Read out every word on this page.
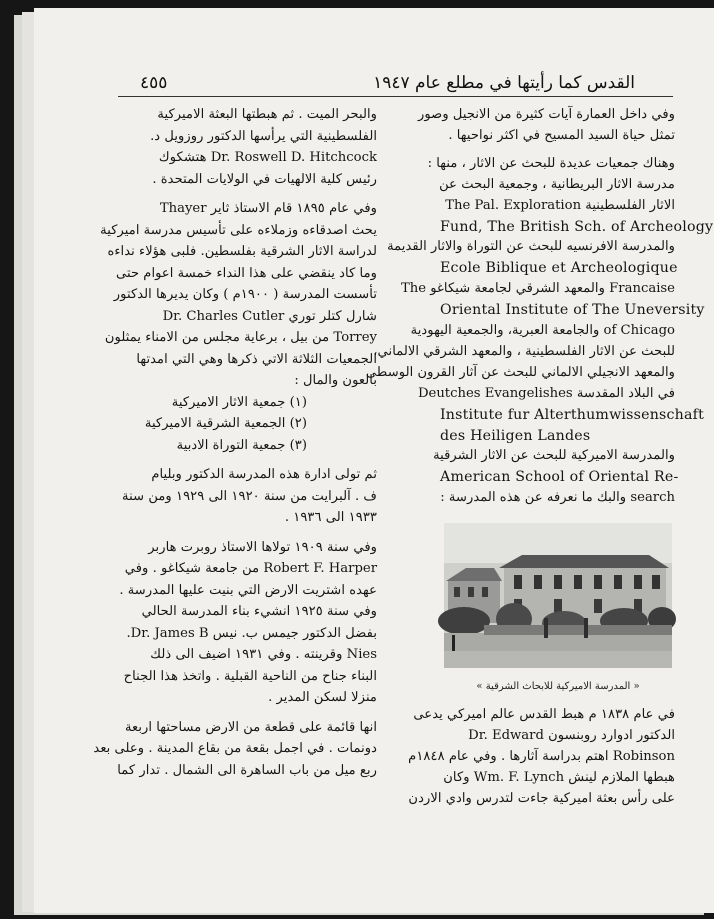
٤٥٥	القدس كما رأيتها في مطلع عام ١٩٤٧
والبحر الميت . ثم هبطتها البعثة الاميركية
الفلسطينية التي يرأسها الدكتور روزويل د.
Dr. Roswell D. Hitchcock هتشكوك
رئيس كلية الالهيات في الولايات المتحدة .
وفي عام ١٨٩٥ قام الاستاذ ثاير Thayer
يحث اصدقاءه وزملاءه على تأسيس مدرسة اميركية
لدراسة الاثار الشرقية بفلسطين. فلبى هؤلاء نداءه
وما كاد ينقضي على هذا النداء خمسة اعوام حتى
تأسست المدرسة ( ١٩٠٠م ) وكان يديرها الدكتور
شارل كتلر توري Dr. Charles Cutler
Torrey من بيل ، برعاية مجلس من الامناء يمثلون
الجمعيات الثلاثة الاتي ذكرها وهي التي امدتها
بالعون والمال :
(١) جمعية الاثار الاميركية
(٢) الجمعية الشرقية الاميركية
(٣) جمعية التوراة الادبية
ثم تولى ادارة هذه المدرسة الدكتور وبليام
ف . آلبرايت من سنة ١٩٢٠ الى ١٩٢٩ ومن سنة
١٩٣٣ الى ١٩٣٦ .
وفي سنة ١٩٠٩ تولاها الاستاذ روبرت هاربر
Robert F. Harper من جامعة شيكاغو . وفي
عهده اشتريت الارض التي بنيت عليها المدرسة .
وفي سنة ١٩٢٥ انشيء بناء المدرسة الحالي
بفضل الدكتور جيمس ب. نيس Dr. James B.
Nies وقرينته . وفي ١٩٣١ اضيف الى ذلك
البناء جناح من الناحية القبلية . واتخذ هذا الجناح
منزلا لسكن المدير .
انها قائمة على قطعة من الارض مساحتها اربعة
دونمات . في اجمل بقعة من بقاع المدينة . وعلى بعد
ربع ميل من باب الساهرة الى الشمال . تدار كما
وفي داخل العمارة آيات كثيرة من الانجيل وصور
تمثل حياة السيد المسيح في اكثر نواحيها .
وهناك جمعيات عديدة للبحث عن الاثار ، منها :
مدرسة الاثار البريطانية ، وجمعية البحث عن
الاثار الفلسطينية The Pal. Exploration
Fund, The British Sch. of Archeology
والمدرسة الافرنسيه للبحث عن التوراة والاثار القديمة
Ecole Biblique et Archeologique
Francaise والمعهد الشرقي لجامعة شيكاغو The
Oriental Institute of The Uneversity
of Chicago والجامعة العبرية، والجمعية اليهودية
للبحث عن الاثار الفلسطينية ، والمعهد الشرقي الالماني،
والمعهد الانجيلي الالماني للبحث عن آثار القرون الوسطى
في البلاد المقدسة Deutches Evangelishes
Institute fur Alterthumwissenschaft
des Heiligen Landes
والمدرسة الاميركية للبحث عن الاثار الشرقية
American School of Oriental Re-
search والبك ما نعرفه عن هذه المدرسة :
« المدرسة الاميركية للابحاث الشرقية »
في عام ١٨٣٨ م هبط القدس عالم اميركي يدعى
الدكتور ادوارد روبنسون Dr. Edward
Robinson اهتم بدراسة آثارها . وفي عام ١٨٤٨م
هبطها الملازم لينش Wm. F. Lynch وكان
على رأس بعثة اميركية جاءت لتدرس وادي الاردن
